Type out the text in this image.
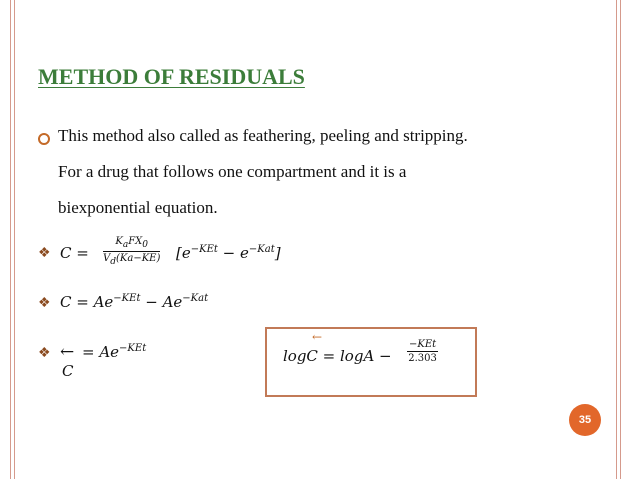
METHOD OF RESIDUALS
This method also called as feathering, peeling and stripping.
For a drug that follows one compartment and it is a
biexponential equation.
❖ C =
$K_aFX_0$
$V_d(Ka-KE) [e^{-KEt} - e^{-Kat}]$
❖ $C = Ae^{-KEt} - Ae^{-Kat}$
❖ ←
C
= $Ae^{-KEt}$
←
logC = logA −
−KEt
2.303
35
